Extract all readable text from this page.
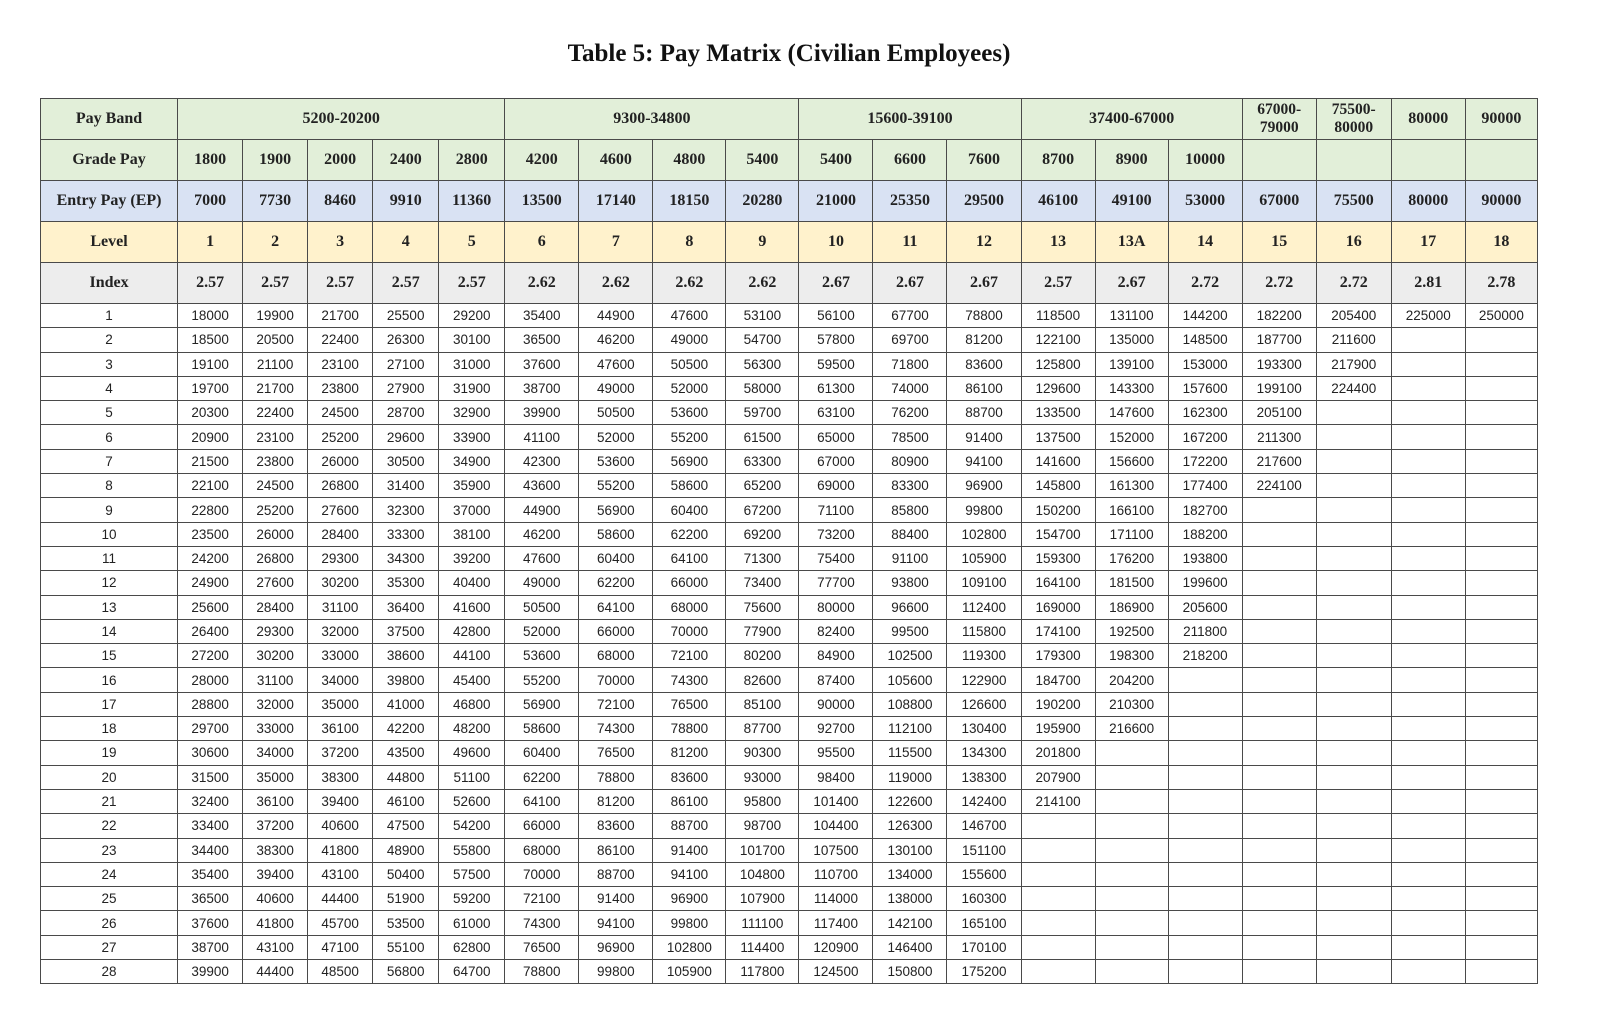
Table 5: Pay Matrix (Civilian Employees)
Pay Band	5200-20200					9300-34800				15600-39100			37400-67000			67000-79000	75500-80000	80000	90000
Grade Pay	1800	1900	2000	2400	2800	4200	4600	4800	5400	5400	6600	7600	8700	8900	10000				
Entry Pay (EP)	7000	7730	8460	9910	11360	13500	17140	18150	20280	21000	25350	29500	46100	49100	53000	67000	75500	80000	90000
Level	1	2	3	4	5	6	7	8	9	10	11	12	13	13A	14	15	16	17	18
Index	2.57	2.57	2.57	2.57	2.57	2.62	2.62	2.62	2.62	2.67	2.67	2.67	2.57	2.67	2.72	2.72	2.72	2.81	2.78
1	18000	19900	21700	25500	29200	35400	44900	47600	53100	56100	67700	78800	118500	131100	144200	182200	205400	225000	250000
2	18500	20500	22400	26300	30100	36500	46200	49000	54700	57800	69700	81200	122100	135000	148500	187700	211600		
3	19100	21100	23100	27100	31000	37600	47600	50500	56300	59500	71800	83600	125800	139100	153000	193300	217900		
4	19700	21700	23800	27900	31900	38700	49000	52000	58000	61300	74000	86100	129600	143300	157600	199100	224400		
5	20300	22400	24500	28700	32900	39900	50500	53600	59700	63100	76200	88700	133500	147600	162300	205100			
6	20900	23100	25200	29600	33900	41100	52000	55200	61500	65000	78500	91400	137500	152000	167200	211300			
7	21500	23800	26000	30500	34900	42300	53600	56900	63300	67000	80900	94100	141600	156600	172200	217600			
8	22100	24500	26800	31400	35900	43600	55200	58600	65200	69000	83300	96900	145800	161300	177400	224100			
9	22800	25200	27600	32300	37000	44900	56900	60400	67200	71100	85800	99800	150200	166100	182700				
10	23500	26000	28400	33300	38100	46200	58600	62200	69200	73200	88400	102800	154700	171100	188200				
11	24200	26800	29300	34300	39200	47600	60400	64100	71300	75400	91100	105900	159300	176200	193800				
12	24900	27600	30200	35300	40400	49000	62200	66000	73400	77700	93800	109100	164100	181500	199600				
13	25600	28400	31100	36400	41600	50500	64100	68000	75600	80000	96600	112400	169000	186900	205600				
14	26400	29300	32000	37500	42800	52000	66000	70000	77900	82400	99500	115800	174100	192500	211800				
15	27200	30200	33000	38600	44100	53600	68000	72100	80200	84900	102500	119300	179300	198300	218200				
16	28000	31100	34000	39800	45400	55200	70000	74300	82600	87400	105600	122900	184700	204200					
17	28800	32000	35000	41000	46800	56900	72100	76500	85100	90000	108800	126600	190200	210300					
18	29700	33000	36100	42200	48200	58600	74300	78800	87700	92700	112100	130400	195900	216600					
19	30600	34000	37200	43500	49600	60400	76500	81200	90300	95500	115500	134300	201800						
20	31500	35000	38300	44800	51100	62200	78800	83600	93000	98400	119000	138300	207900						
21	32400	36100	39400	46100	52600	64100	81200	86100	95800	101400	122600	142400	214100						
22	33400	37200	40600	47500	54200	66000	83600	88700	98700	104400	126300	146700							
23	34400	38300	41800	48900	55800	68000	86100	91400	101700	107500	130100	151100							
24	35400	39400	43100	50400	57500	70000	88700	94100	104800	110700	134000	155600							
25	36500	40600	44400	51900	59200	72100	91400	96900	107900	114000	138000	160300							
26	37600	41800	45700	53500	61000	74300	94100	99800	111100	117400	142100	165100							
27	38700	43100	47100	55100	62800	76500	96900	102800	114400	120900	146400	170100							
28	39900	44400	48500	56800	64700	78800	99800	105900	117800	124500	150800	175200							
